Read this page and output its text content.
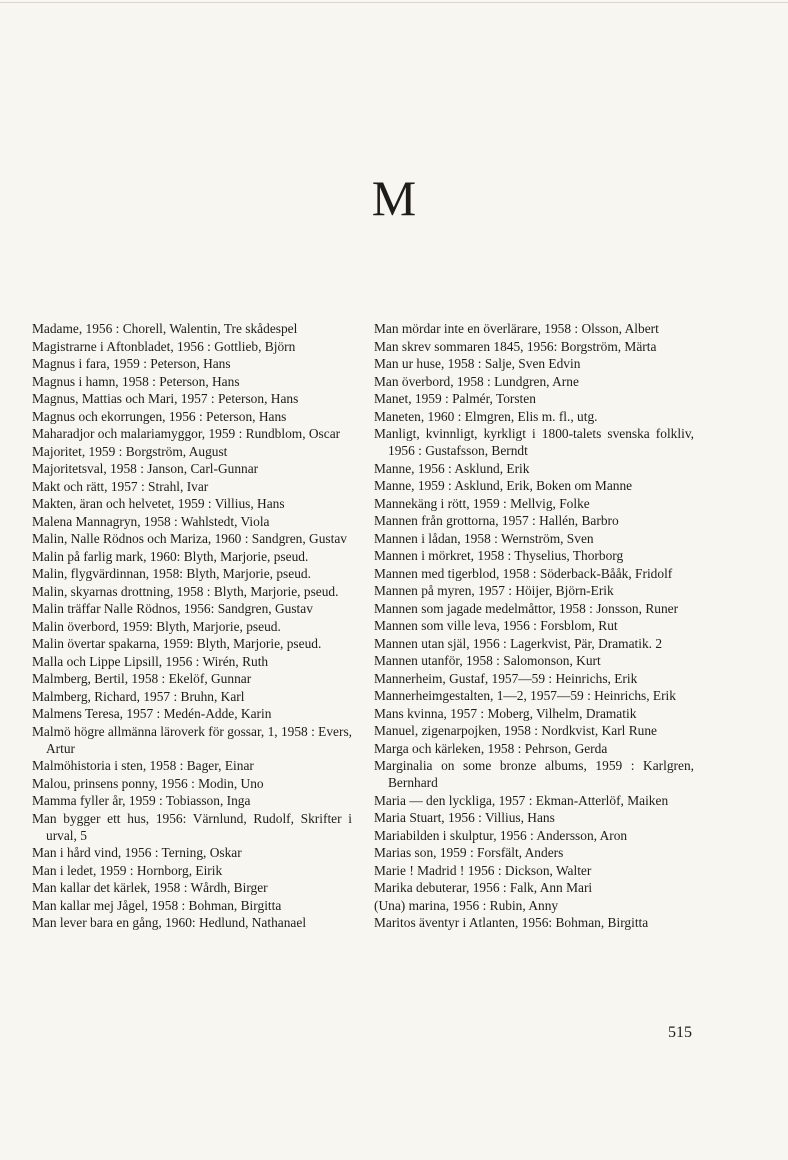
M
Madame, 1956 : Chorell, Walentin, Tre skådespel
Magistrarne i Aftonbladet, 1956 : Gottlieb, Björn
Magnus i fara, 1959 : Peterson, Hans
Magnus i hamn, 1958 : Peterson, Hans
Magnus, Mattias och Mari, 1957 : Peterson, Hans
Magnus och ekorrungen, 1956 : Peterson, Hans
Maharadjor och malariamyggor, 1959 : Rundblom, Oscar
Majoritet, 1959 : Borgström, August
Majoritetsval, 1958 : Janson, Carl-Gunnar
Makt och rätt, 1957 : Strahl, Ivar
Makten, äran och helvetet, 1959 : Villius, Hans
Malena Mannagryn, 1958 : Wahlstedt, Viola
Malin, Nalle Rödnos och Mariza, 1960 : Sandgren, Gustav
Malin på farlig mark, 1960: Blyth, Marjorie, pseud.
Malin, flygvärdinnan, 1958: Blyth, Marjorie, pseud.
Malin, skyarnas drottning, 1958 : Blyth, Marjorie, pseud.
Malin träffar Nalle Rödnos, 1956: Sandgren, Gustav
Malin överbord, 1959: Blyth, Marjorie, pseud.
Malin övertar spakarna, 1959: Blyth, Marjorie, pseud.
Malla och Lippe Lipsill, 1956 : Wirén, Ruth
Malmberg, Bertil, 1958 : Ekelöf, Gunnar
Malmberg, Richard, 1957 : Bruhn, Karl
Malmens Teresa, 1957 : Medén-Adde, Karin
Malmö högre allmänna läroverk för gossar, 1, 1958 : Evers, Artur
Malmöhistoria i sten, 1958 : Bager, Einar
Malou, prinsens ponny, 1956 : Modin, Uno
Mamma fyller år, 1959 : Tobiasson, Inga
Man bygger ett hus, 1956: Värnlund, Rudolf, Skrifter i urval, 5
Man i hård vind, 1956 : Terning, Oskar
Man i ledet, 1959 : Hornborg, Eirik
Man kallar det kärlek, 1958 : Wårdh, Birger
Man kallar mej Jågel, 1958 : Bohman, Birgitta
Man lever bara en gång, 1960: Hedlund, Nathanael
Man mördar inte en överlärare, 1958 : Olsson, Albert
Man skrev sommaren 1845, 1956: Borgström, Märta
Man ur huse, 1958 : Salje, Sven Edvin
Man överbord, 1958 : Lundgren, Arne
Manet, 1959 : Palmér, Torsten
Maneten, 1960 : Elmgren, Elis m. fl., utg.
Manligt, kvinnligt, kyrkligt i 1800-talets svenska folkliv, 1956 : Gustafsson, Berndt
Manne, 1956 : Asklund, Erik
Manne, 1959 : Asklund, Erik, Boken om Manne
Mannekäng i rött, 1959 : Mellvig, Folke
Mannen från grottorna, 1957 : Hallén, Barbro
Mannen i lådan, 1958 : Wernström, Sven
Mannen i mörkret, 1958 : Thyselius, Thorborg
Mannen med tigerblod, 1958 : Söderback-Bååk, Fridolf
Mannen på myren, 1957 : Höijer, Björn-Erik
Mannen som jagade medelmåttor, 1958 : Jonsson, Runer
Mannen som ville leva, 1956 : Forsblom, Rut
Mannen utan själ, 1956 : Lagerkvist, Pär, Dramatik. 2
Mannen utanför, 1958 : Salomonson, Kurt
Mannerheim, Gustaf, 1957—59 : Heinrichs, Erik
Mannerheimgestalten, 1—2, 1957—59 : Heinrichs, Erik
Mans kvinna, 1957 : Moberg, Vilhelm, Dramatik
Manuel, zigenarpojken, 1958 : Nordkvist, Karl Rune
Marga och kärleken, 1958 : Pehrson, Gerda
Marginalia on some bronze albums, 1959 : Karlgren, Bernhard
Maria — den lyckliga, 1957 : Ekman-Atterlöf, Maiken
Maria Stuart, 1956 : Villius, Hans
Mariabilden i skulptur, 1956 : Andersson, Aron
Marias son, 1959 : Forsfält, Anders
Marie ! Madrid ! 1956 : Dickson, Walter
Marika debuterar, 1956 : Falk, Ann Mari
(Una) marina, 1956 : Rubin, Anny
Maritos äventyr i Atlanten, 1956: Bohman, Birgitta
515
